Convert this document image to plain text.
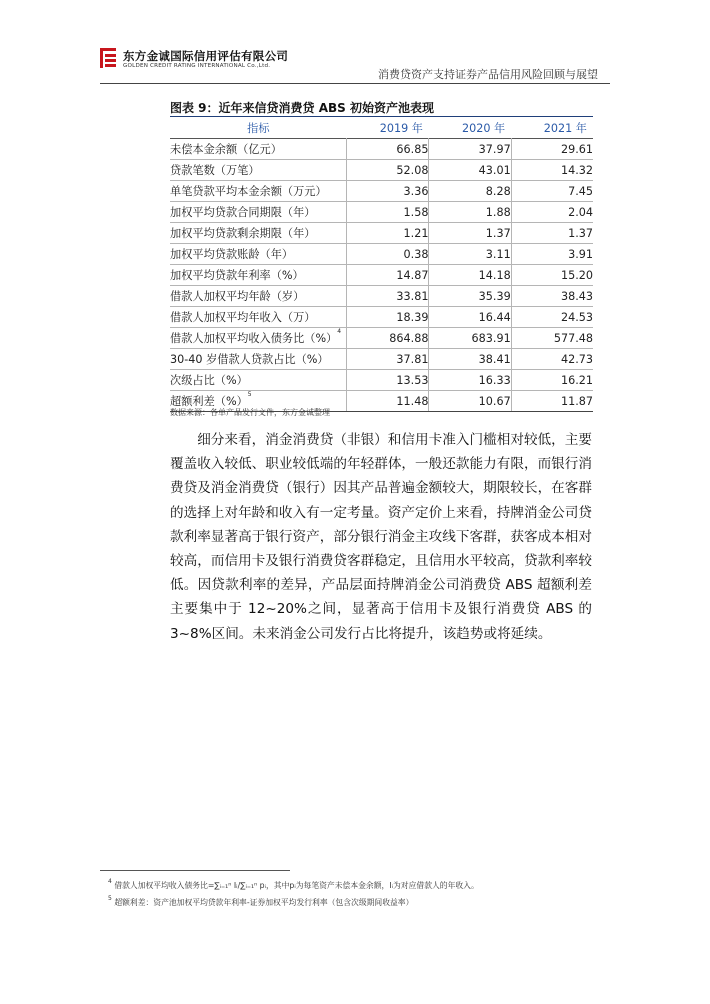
东方金诚国际信用评估有限公司
GOLDEN CREDIT RATING INTERNATIONAL Co.,Ltd.
消费贷资产支持证券产品信用风险回顾与展望
图表 9：近年来信贷消费贷 ABS 初始资产池表现
指标	2019 年	2020 年	2021 年
未偿本金余额（亿元）	66.85	37.97	29.61
贷款笔数（万笔）	52.08	43.01	14.32
单笔贷款平均本金余额（万元）	3.36	8.28	7.45
加权平均贷款合同期限（年）	1.58	1.88	2.04
加权平均贷款剩余期限（年）	1.21	1.37	1.37
加权平均贷款账龄（年）	0.38	3.11	3.91
加权平均贷款年利率（%）	14.87	14.18	15.20
借款人加权平均年龄（岁）	33.81	35.39	38.43
借款人加权平均年收入（万）	18.39	16.44	24.53
借款人加权平均收入债务比（%）$^4$	864.88	683.91	577.48
30-40 岁借款人贷款占比（%）	37.81	38.41	42.73
次级占比（%）	13.53	16.33	16.21
超额利差（%）$^5$	11.48	10.67	11.87
数据来源：各单产品发行文件，东方金诚整理
细分来看，消金消费贷（非银）和信用卡准入门槛相对较低，主要覆盖收入较低、职业较低端的年轻群体，一般还款能力有限，而银行消费贷及消金消费贷（银行）因其产品普遍金额较大，期限较长，在客群的选择上对年龄和收入有一定考量。资产定价上来看，持牌消金公司贷款利率显著高于银行资产，部分银行消金主攻线下客群，获客成本相对较高，而信用卡及银行消费贷客群稳定，且信用水平较高，贷款利率较低。因贷款利率的差异，产品层面持牌消金公司消费贷 ABS 超额利差主要集中于 12~20%之间，显著高于信用卡及银行消费贷 ABS 的 3~8%区间。未来消金公司发行占比将提升，该趋势或将延续。
$^4$ 借款人加权平均收入债务比=∑ᵢ₌₁ⁿ Iᵢ/∑ᵢ₌₁ⁿ pᵢ，其中pᵢ为每笔资产未偿本金余额，Iᵢ为对应借款人的年收入。
$^5$ 超额利差：资产池加权平均贷款年利率-证券加权平均发行利率（包含次级期间收益率）
